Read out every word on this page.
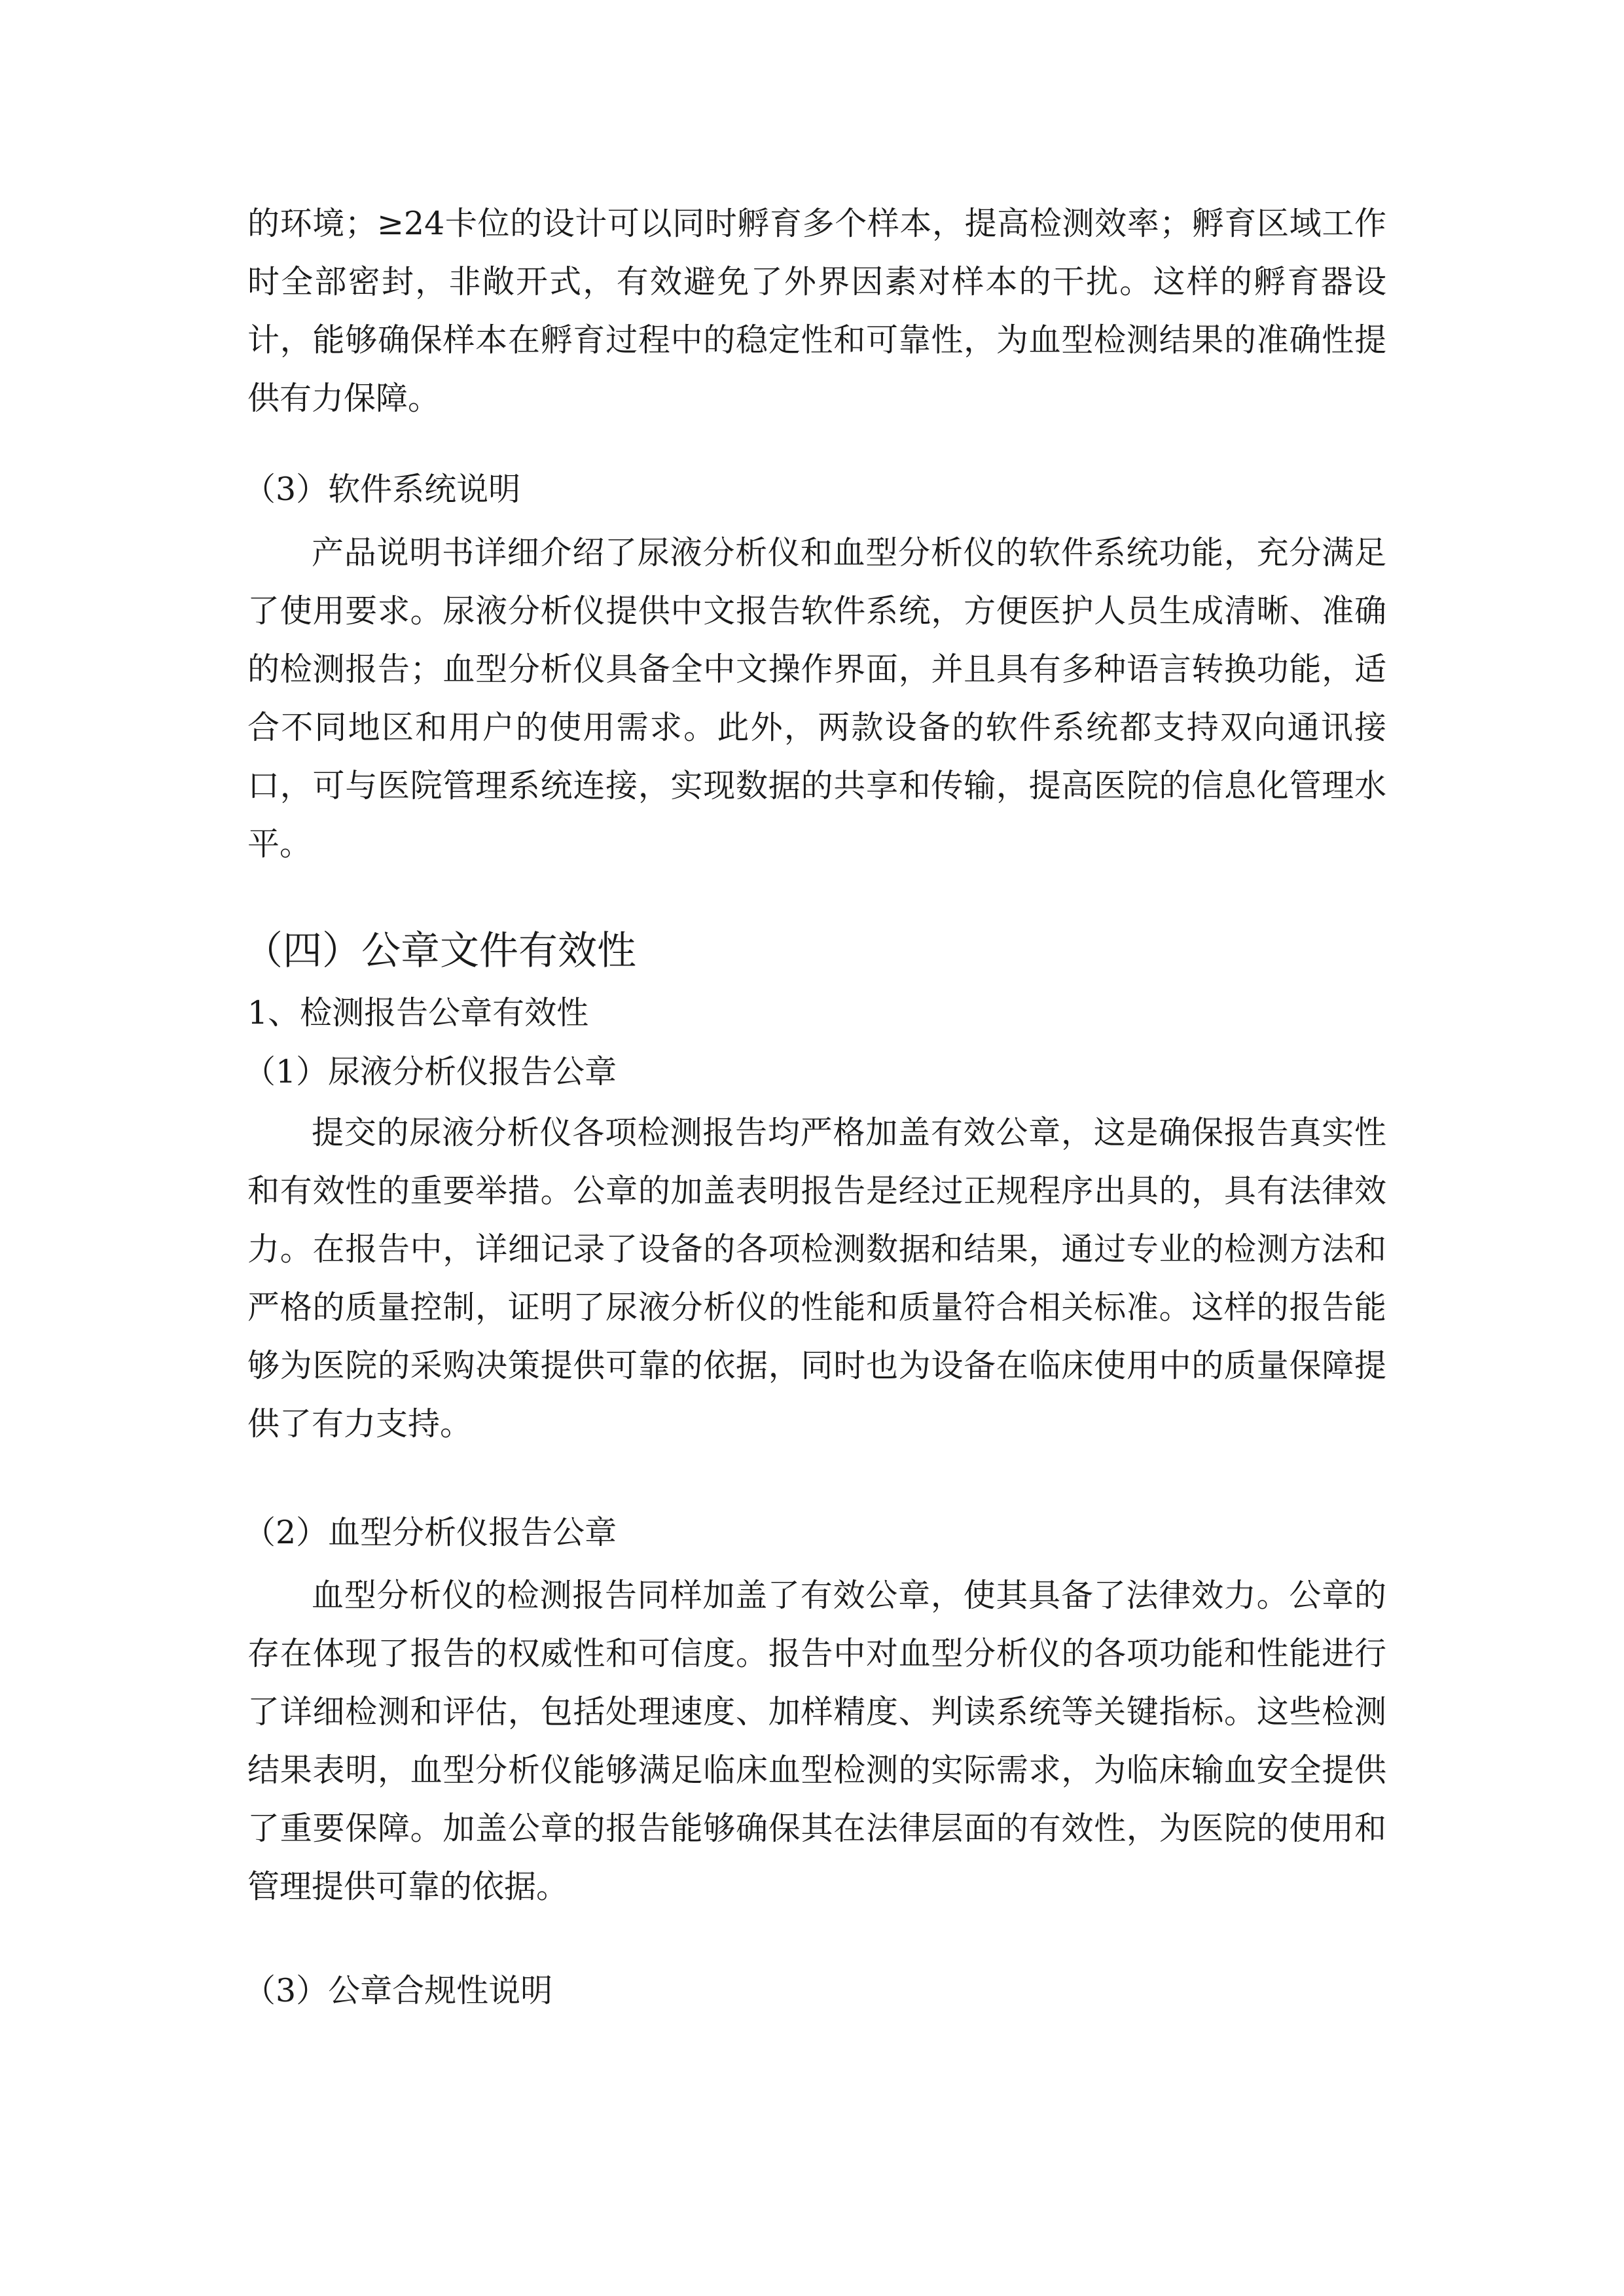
的环境；≥24卡位的设计可以同时孵育多个样本，提高检测效率；孵育区域工作时全部密封，非敞开式，有效避免了外界因素对样本的干扰。这样的孵育器设计，能够确保样本在孵育过程中的稳定性和可靠性，为血型检测结果的准确性提供有力保障。

（3）软件系统说明

产品说明书详细介绍了尿液分析仪和血型分析仪的软件系统功能，充分满足了使用要求。尿液分析仪提供中文报告软件系统，方便医护人员生成清晰、准确的检测报告；血型分析仪具备全中文操作界面，并且具有多种语言转换功能，适合不同地区和用户的使用需求。此外，两款设备的软件系统都支持双向通讯接口，可与医院管理系统连接，实现数据的共享和传输，提高医院的信息化管理水平。

（四）公章文件有效性

1、检测报告公章有效性

（1）尿液分析仪报告公章

提交的尿液分析仪各项检测报告均严格加盖有效公章，这是确保报告真实性和有效性的重要举措。公章的加盖表明报告是经过正规程序出具的，具有法律效力。在报告中，详细记录了设备的各项检测数据和结果，通过专业的检测方法和严格的质量控制，证明了尿液分析仪的性能和质量符合相关标准。这样的报告能够为医院的采购决策提供可靠的依据，同时也为设备在临床使用中的质量保障提供了有力支持。

（2）血型分析仪报告公章

血型分析仪的检测报告同样加盖了有效公章，使其具备了法律效力。公章的存在体现了报告的权威性和可信度。报告中对血型分析仪的各项功能和性能进行了详细检测和评估，包括处理速度、加样精度、判读系统等关键指标。这些检测结果表明，血型分析仪能够满足临床血型检测的实际需求，为临床输血安全提供了重要保障。加盖公章的报告能够确保其在法律层面的有效性，为医院的使用和管理提供可靠的依据。

（3）公章合规性说明
